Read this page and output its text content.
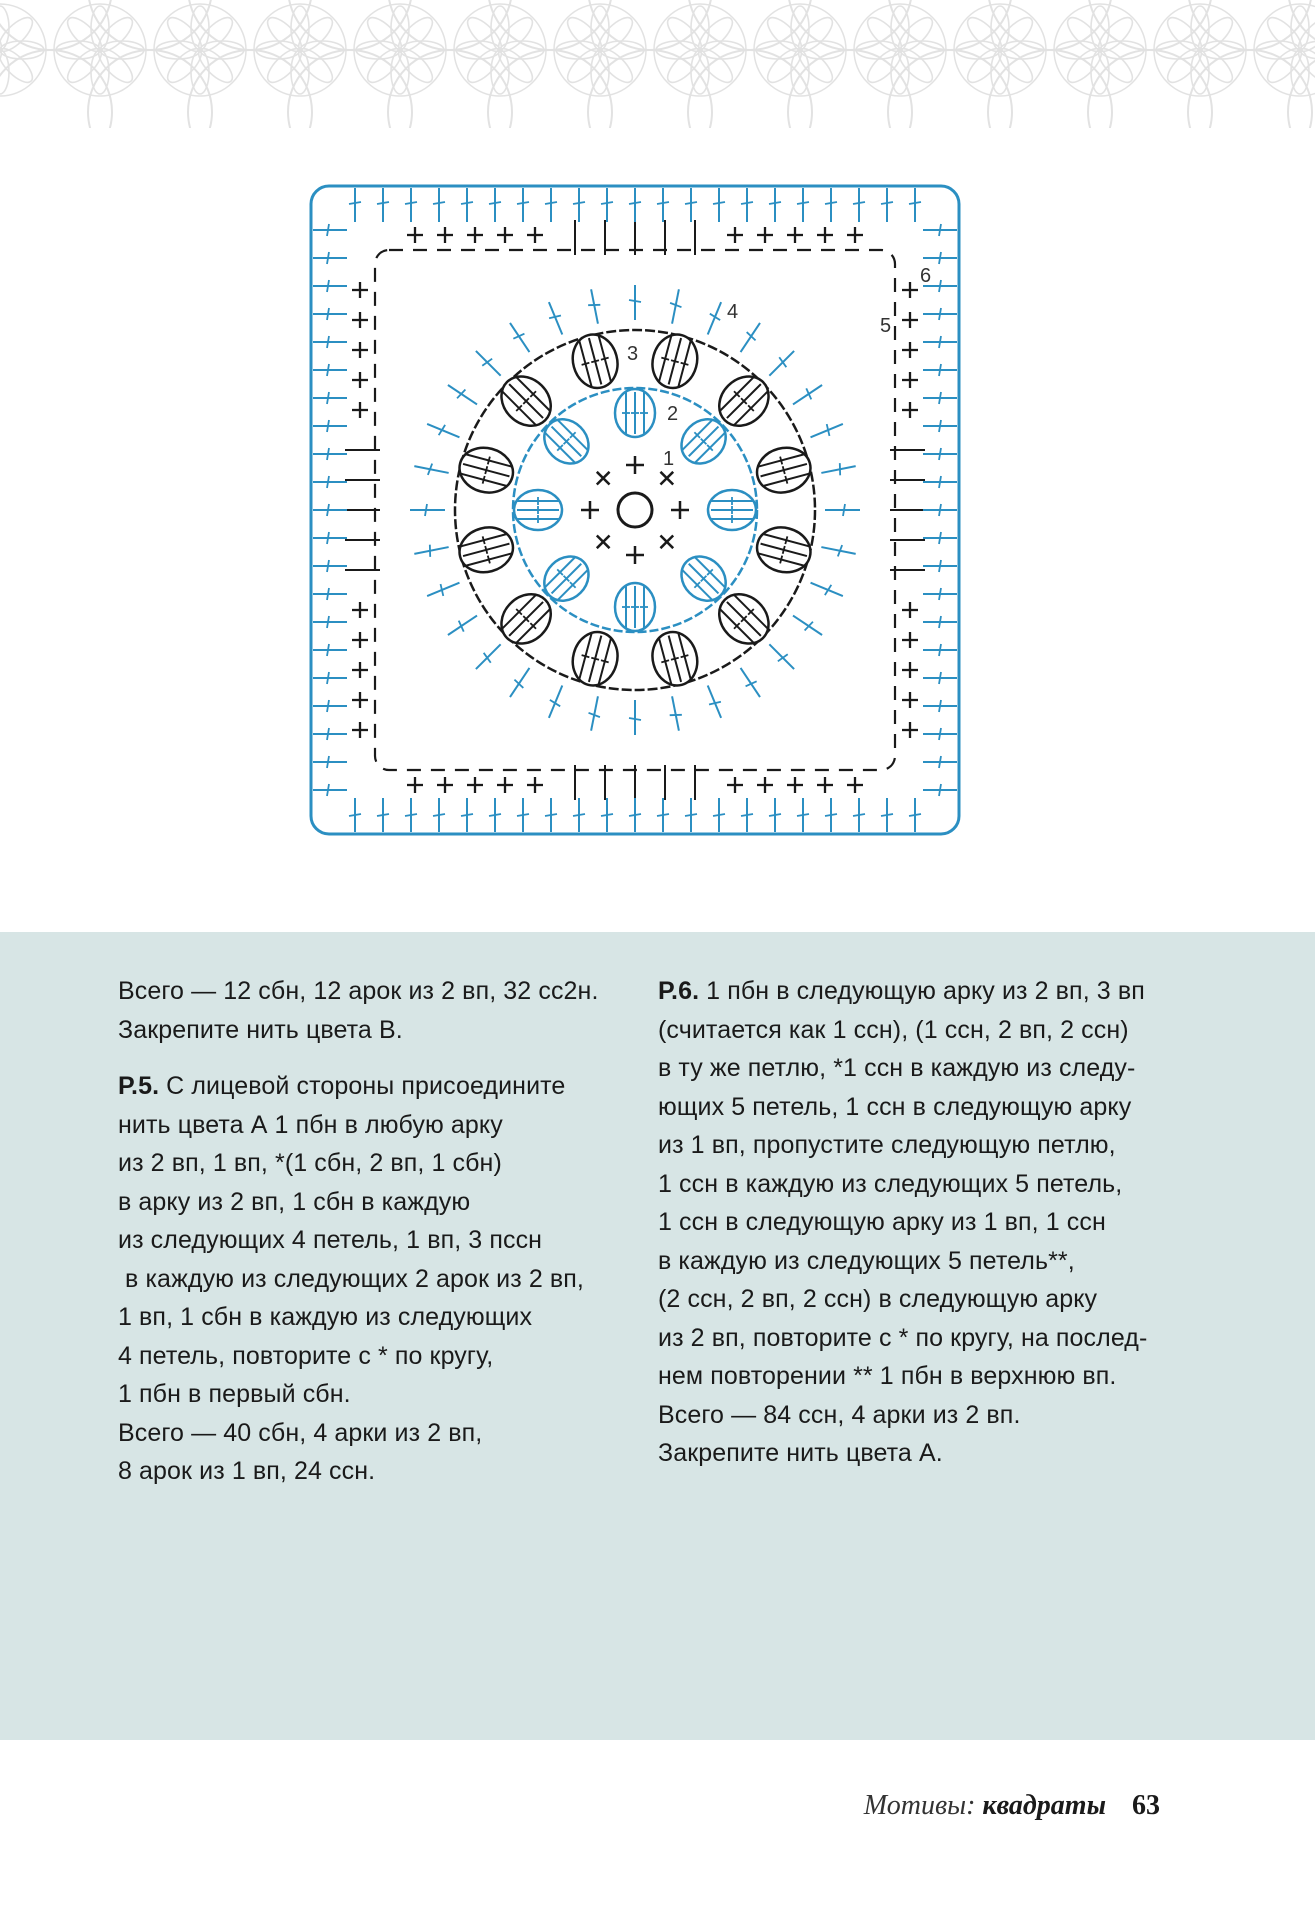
1
2
3
4
5
6

Всего — 12 сбн, 12 арок из 2 вп, 32 сс2н.

Закрепите нить цвета В.

Р.5. С лицевой стороны присоедините

нить цвета А 1 пбн в любую арку

из 2 вп, 1 вп, *(1 сбн, 2 вп, 1 сбн)

в арку из 2 вп, 1 сбн в каждую

из следующих 4 петель, 1 вп, 3 пссн

в каждую из следующих 2 арок из 2 вп,

1 вп, 1 сбн в каждую из следующих

4 петель, повторите с * по кругу,

1 пбн в первый сбн.

Всего — 40 сбн, 4 арки из 2 вп,

8 арок из 1 вп, 24 ссн.

Р.6. 1 пбн в следующую арку из 2 вп, 3 вп

(считается как 1 ссн), (1 ссн, 2 вп, 2 ссн)

в ту же петлю, *1 ссн в каждую из следу-

ющих 5 петель, 1 ссн в следующую арку

из 1 вп, пропустите следующую петлю,

1 ссн в каждую из следующих 5 петель,

1 ссн в следующую арку из 1 вп, 1 ссн

в каждую из следующих 5 петель**,

(2 ссн, 2 вп, 2 ссн) в следующую арку

из 2 вп, повторите с * по кругу, на послед-

нем повторении ** 1 пбн в верхнюю вп.

Всего — 84 ссн, 4 арки из 2 вп.

Закрепите нить цвета А.

Мотивы: квадраты 63
